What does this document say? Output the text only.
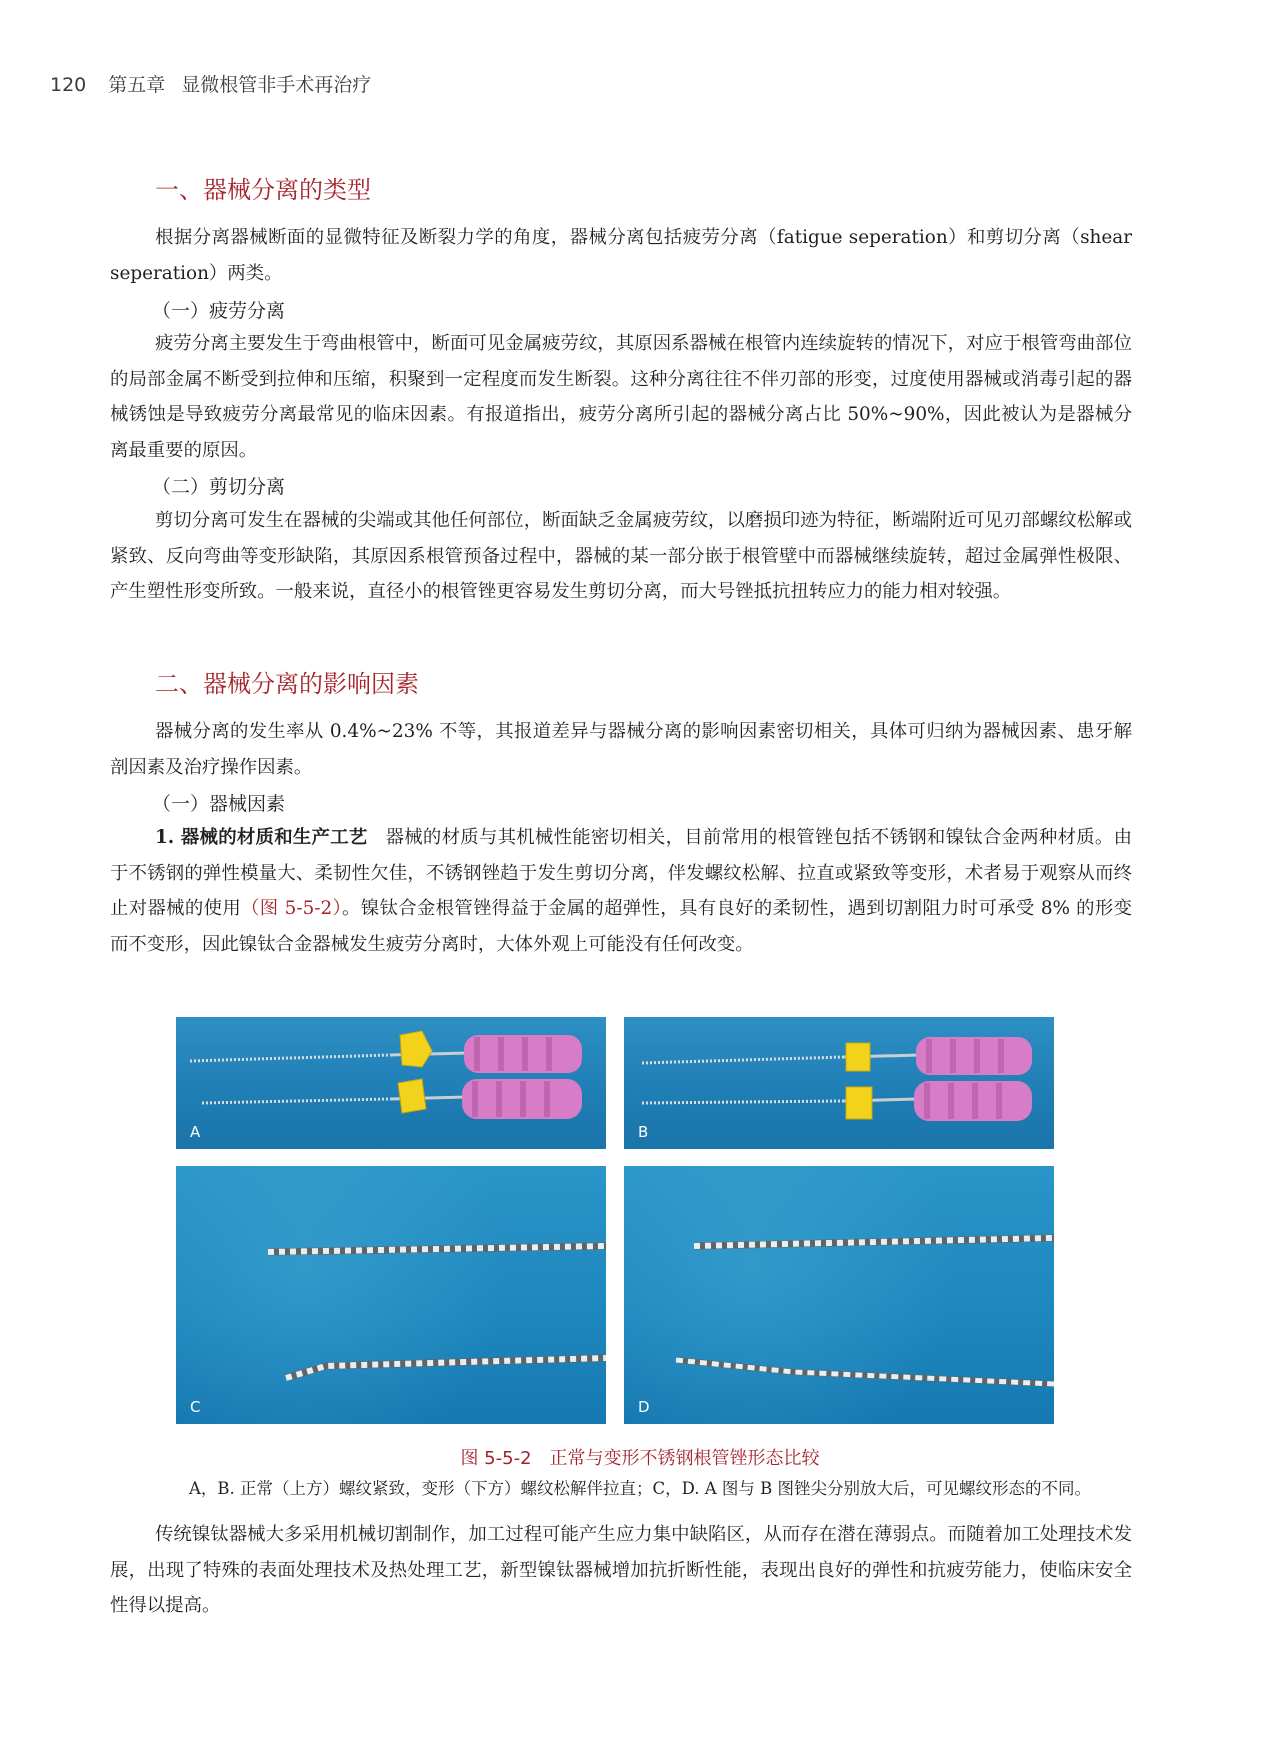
120 第五章 显微根管非手术再治疗
一、器械分离的类型

根据分离器械断面的显微特征及断裂力学的角度，器械分离包括疲劳分离（fatigue seperation）和剪切分离（shear seperation）两类。

（一）疲劳分离

疲劳分离主要发生于弯曲根管中，断面可见金属疲劳纹，其原因系器械在根管内连续旋转的情况下，对应于根管弯曲部位的局部金属不断受到拉伸和压缩，积聚到一定程度而发生断裂。这种分离往往不伴刃部的形变，过度使用器械或消毒引起的器械锈蚀是导致疲劳分离最常见的临床因素。有报道指出，疲劳分离所引起的器械分离占比 50%~90%，因此被认为是器械分离最重要的原因。

（二）剪切分离

剪切分离可发生在器械的尖端或其他任何部位，断面缺乏金属疲劳纹，以磨损印迹为特征，断端附近可见刃部螺纹松解或紧致、反向弯曲等变形缺陷，其原因系根管预备过程中，器械的某一部分嵌于根管壁中而器械继续旋转，超过金属弹性极限、产生塑性形变所致。一般来说，直径小的根管锉更容易发生剪切分离，而大号锉抵抗扭转应力的能力相对较强。

二、器械分离的影响因素

器械分离的发生率从 0.4%~23% 不等，其报道差异与器械分离的影响因素密切相关，具体可归纳为器械因素、患牙解剖因素及治疗操作因素。

（一）器械因素

1. 器械的材质和生产工艺 器械的材质与其机械性能密切相关，目前常用的根管锉包括不锈钢和镍钛合金两种材质。由于不锈钢的弹性模量大、柔韧性欠佳，不锈钢锉趋于发生剪切分离，伴发螺纹松解、拉直或紧致等变形，术者易于观察从而终止对器械的使用（图 5-5-2）。镍钛合金根管锉得益于金属的超弹性，具有良好的柔韧性，遇到切割阻力时可承受 8% 的形变而不变形，因此镍钛合金器械发生疲劳分离时，大体外观上可能没有任何改变。

A	B
C	D
图 5-5-2　正常与变形不锈钢根管锉形态比较
A，B. 正常（上方）螺纹紧致，变形（下方）螺纹松解伴拉直；C，D. A 图与 B 图锉尖分别放大后，可见螺纹形态的不同。

传统镍钛器械大多采用机械切割制作，加工过程可能产生应力集中缺陷区，从而存在潜在薄弱点。而随着加工处理技术发展，出现了特殊的表面处理技术及热处理工艺，新型镍钛器械增加抗折断性能，表现出良好的弹性和抗疲劳能力，使临床安全性得以提高。
